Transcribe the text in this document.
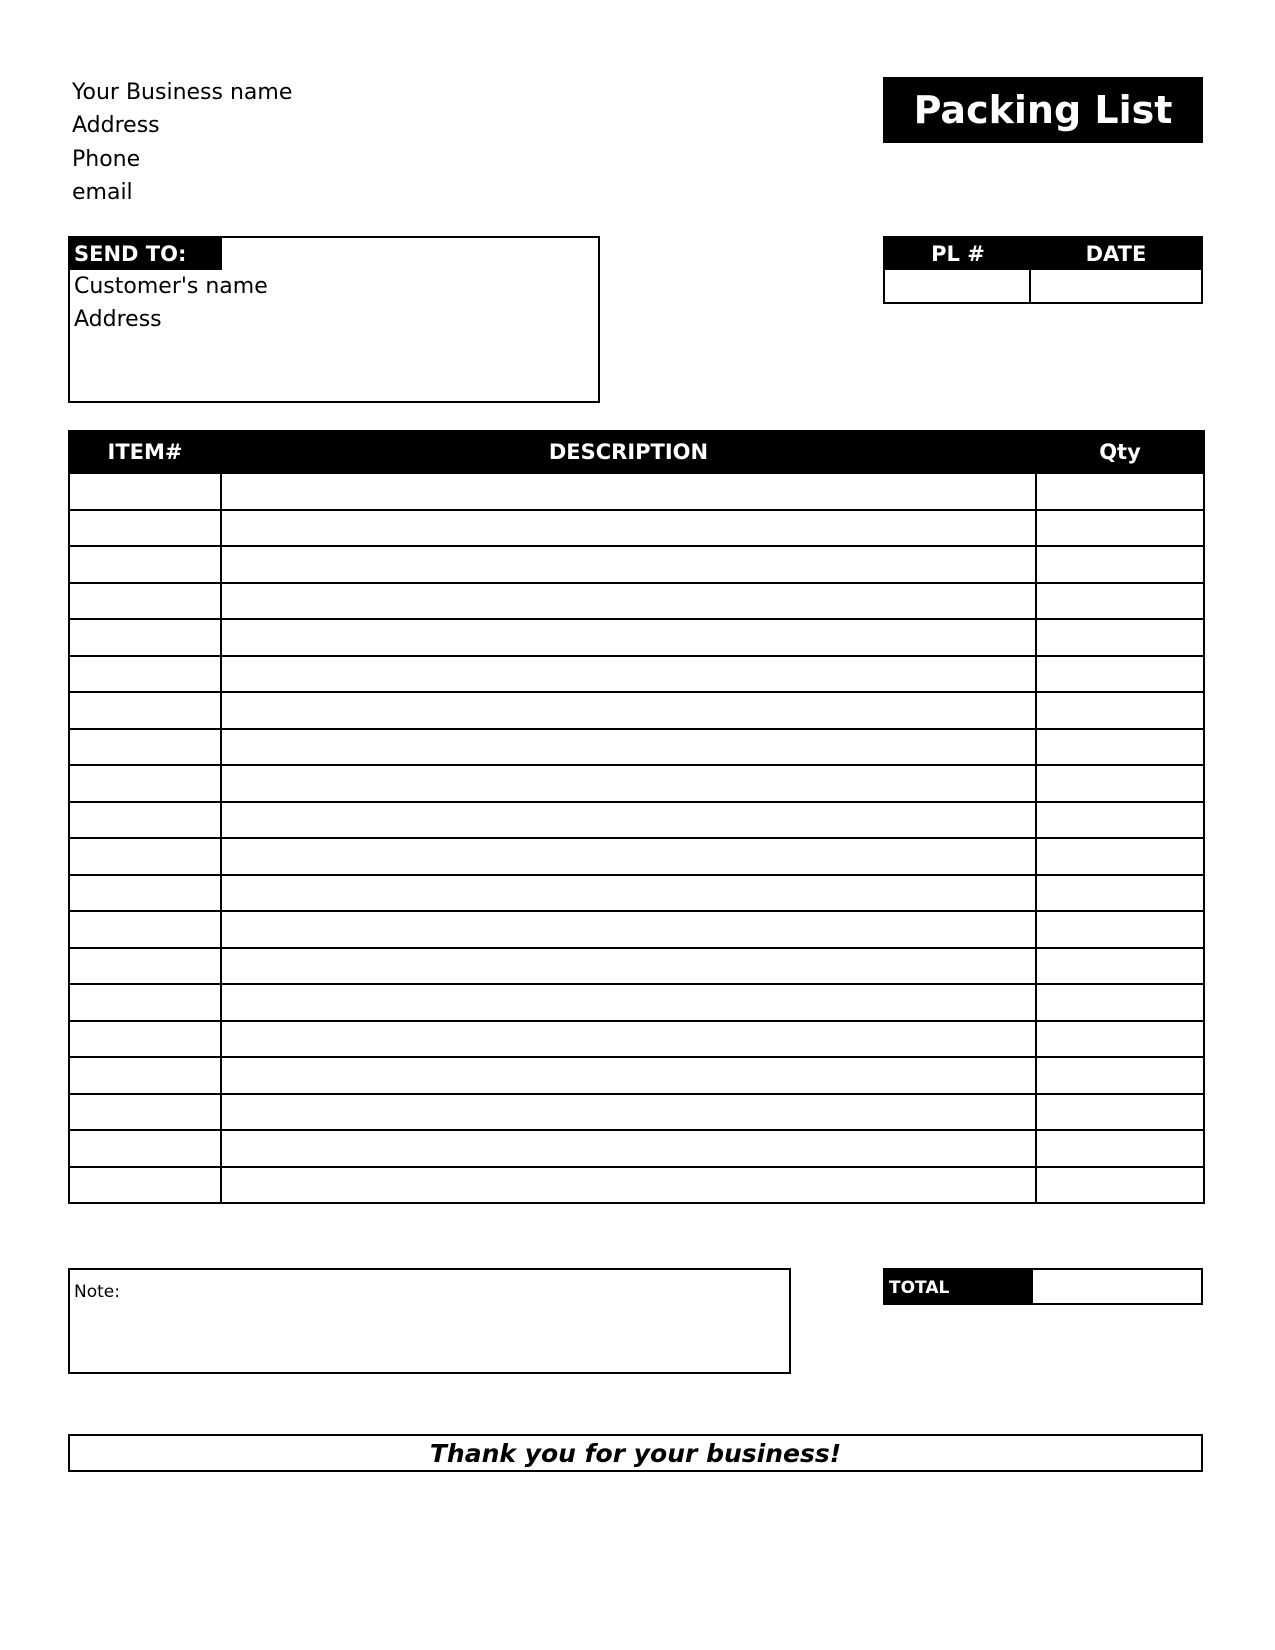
Your Business name
Address
Phone
email
Packing List
SEND TO:
Customer's name
Address
PL #	DATE
ITEM#	DESCRIPTION	Qty

Note:	TOTAL
Thank you for your business!
